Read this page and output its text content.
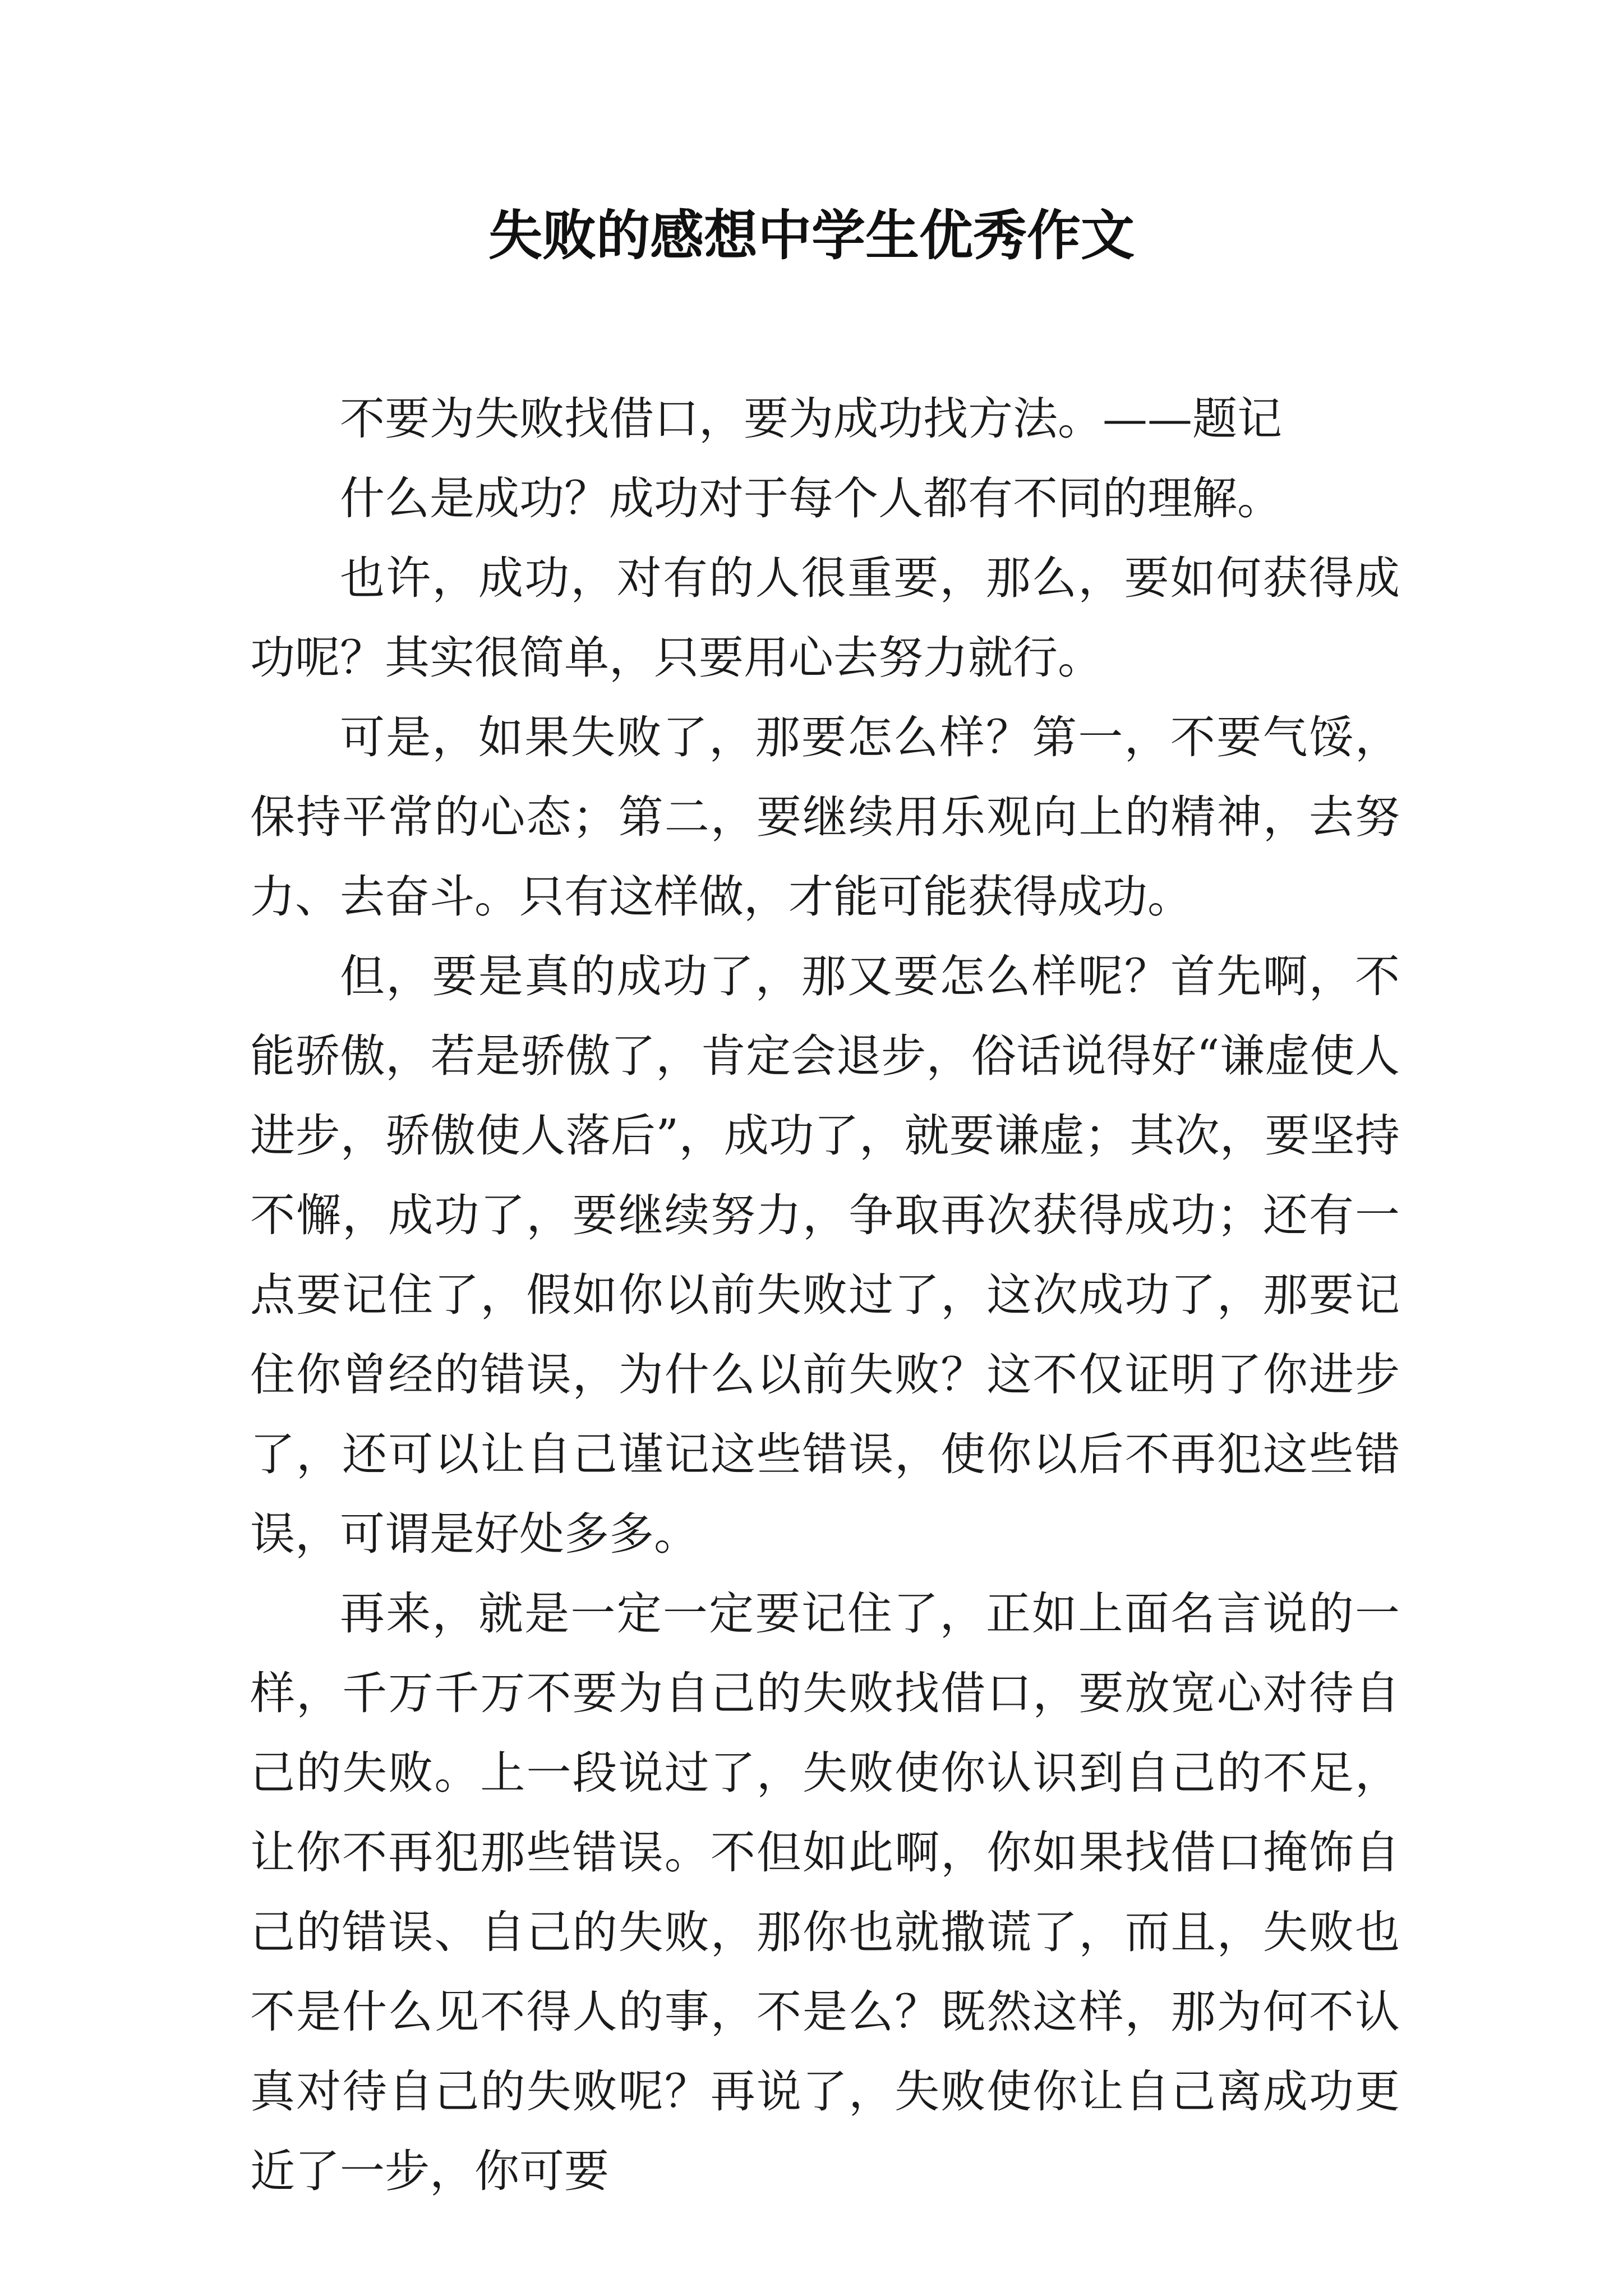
失败的感想中学生优秀作文

不要为失败找借口，要为成功找方法。——题记

什么是成功？成功对于每个人都有不同的理解。

也许，成功，对有的人很重要，那么，要如何获得成功呢？其实很简单，只要用心去努力就行。

可是，如果失败了，那要怎么样？第一，不要气馁，保持平常的心态；第二，要继续用乐观向上的精神，去努力、去奋斗。只有这样做，才能可能获得成功。

但，要是真的成功了，那又要怎么样呢？首先啊，不能骄傲，若是骄傲了，肯定会退步，俗话说得好“谦虚使人进步，骄傲使人落后”，成功了，就要谦虚；其次，要坚持不懈，成功了，要继续努力，争取再次获得成功；还有一点要记住了，假如你以前失败过了，这次成功了，那要记住你曾经的错误，为什么以前失败？这不仅证明了你进步了，还可以让自己谨记这些错误，使你以后不再犯这些错误，可谓是好处多多。

再来，就是一定一定要记住了，正如上面名言说的一样，千万千万不要为自己的失败找借口，要放宽心对待自己的失败。上一段说过了，失败使你认识到自己的不足，让你不再犯那些错误。不但如此啊，你如果找借口掩饰自己的错误、自己的失败，那你也就撒谎了，而且，失败也不是什么见不得人的事，不是么？既然这样，那为何不认真对待自己的失败呢？再说了，失败使你让自己离成功更近了一步，你可要
